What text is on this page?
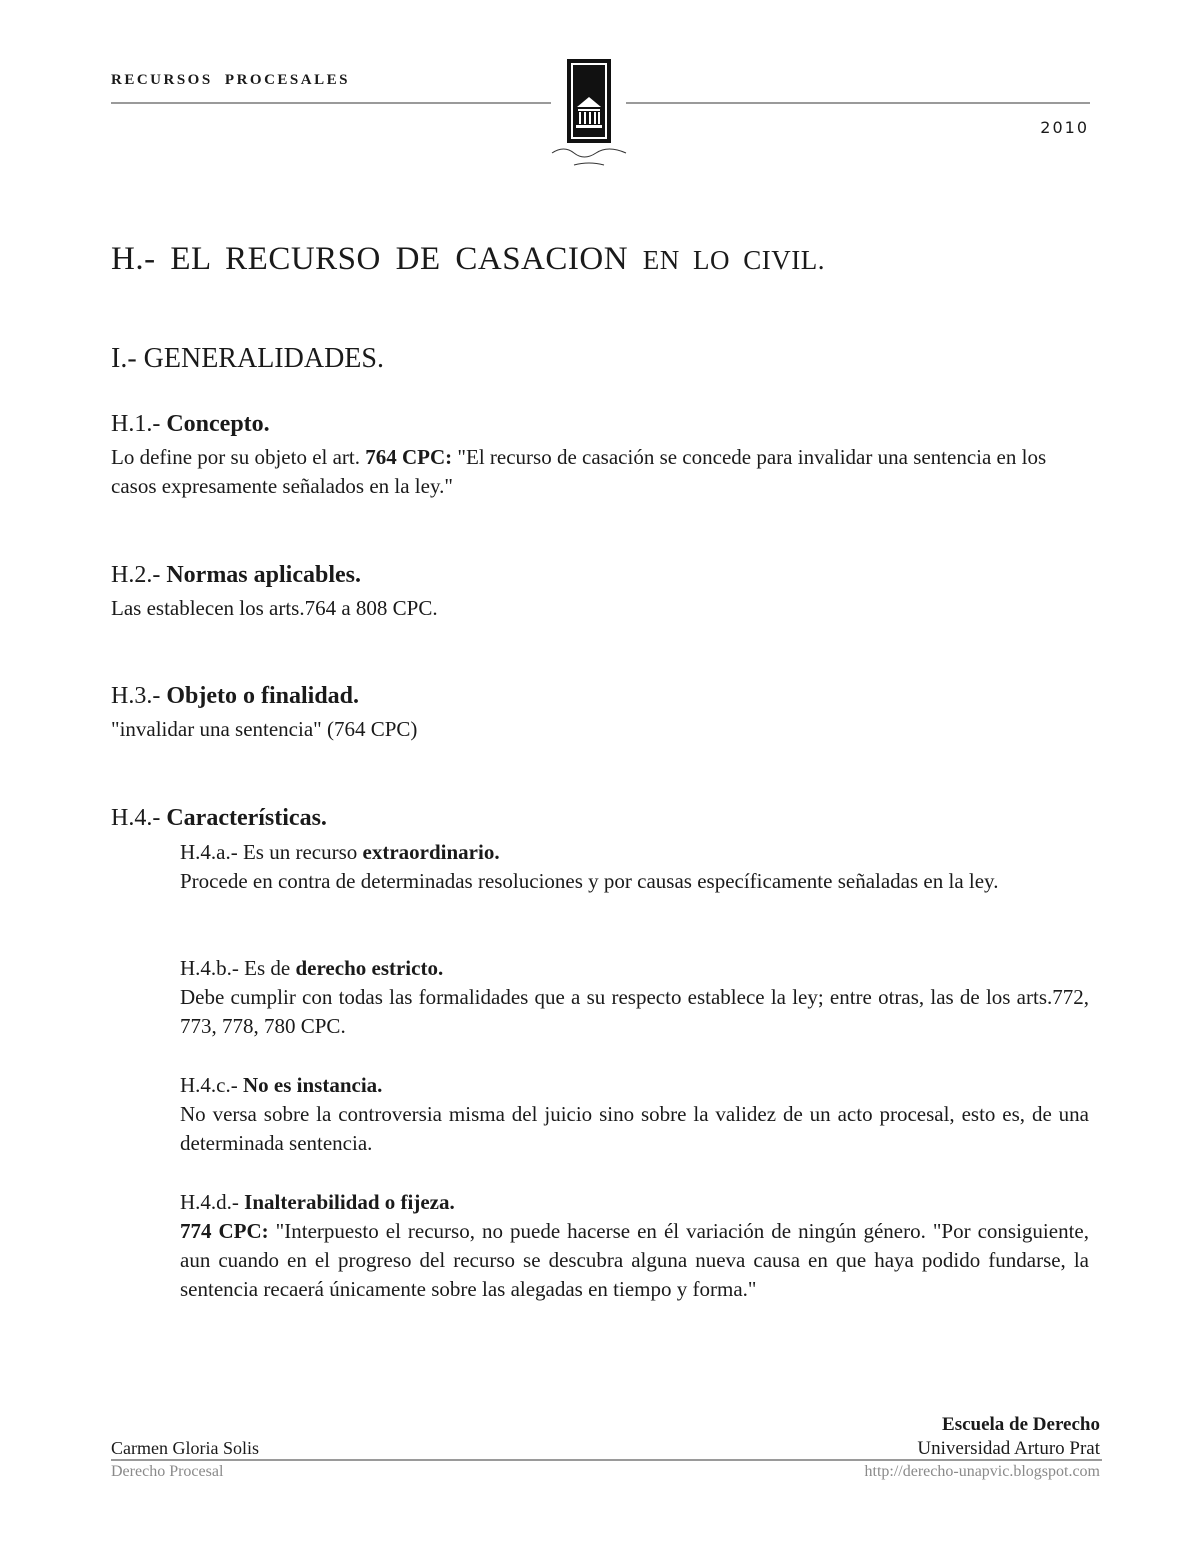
RECURSOS PROCESALES
2010
H.- EL RECURSO DE CASACION EN LO CIVIL.
I.- GENERALIDADES.
H.1.- Concepto.
Lo define por su objeto el art. 764 CPC: "El recurso de casación se concede para invalidar una sentencia en los casos expresamente señalados en la ley."
H.2.- Normas aplicables.
Las establecen los arts.764 a 808 CPC.
H.3.- Objeto o finalidad.
"invalidar una sentencia" (764 CPC)
H.4.- Características.
H.4.a.- Es un recurso extraordinario.
Procede en contra de determinadas resoluciones y por causas específicamente señaladas en la ley.
H.4.b.- Es de derecho estricto.
Debe cumplir con todas las formalidades que a su respecto establece la ley; entre otras, las de los arts.772, 773, 778, 780 CPC.
H.4.c.- No es instancia.
No versa sobre la controversia misma del juicio sino sobre la validez de un acto procesal, esto es, de una determinada sentencia.
H.4.d.- Inalterabilidad o fijeza.
774 CPC: "Interpuesto el recurso, no puede hacerse en él variación de ningún género. "Por consiguiente, aun cuando en el progreso del recurso se descubra alguna nueva causa en que haya podido fundarse, la sentencia recaerá únicamente sobre las alegadas en tiempo y forma."
Escuela de Derecho
Carmen Gloria Solis	Universidad Arturo Prat
Derecho Procesal	http://derecho-unapvic.blogspot.com
